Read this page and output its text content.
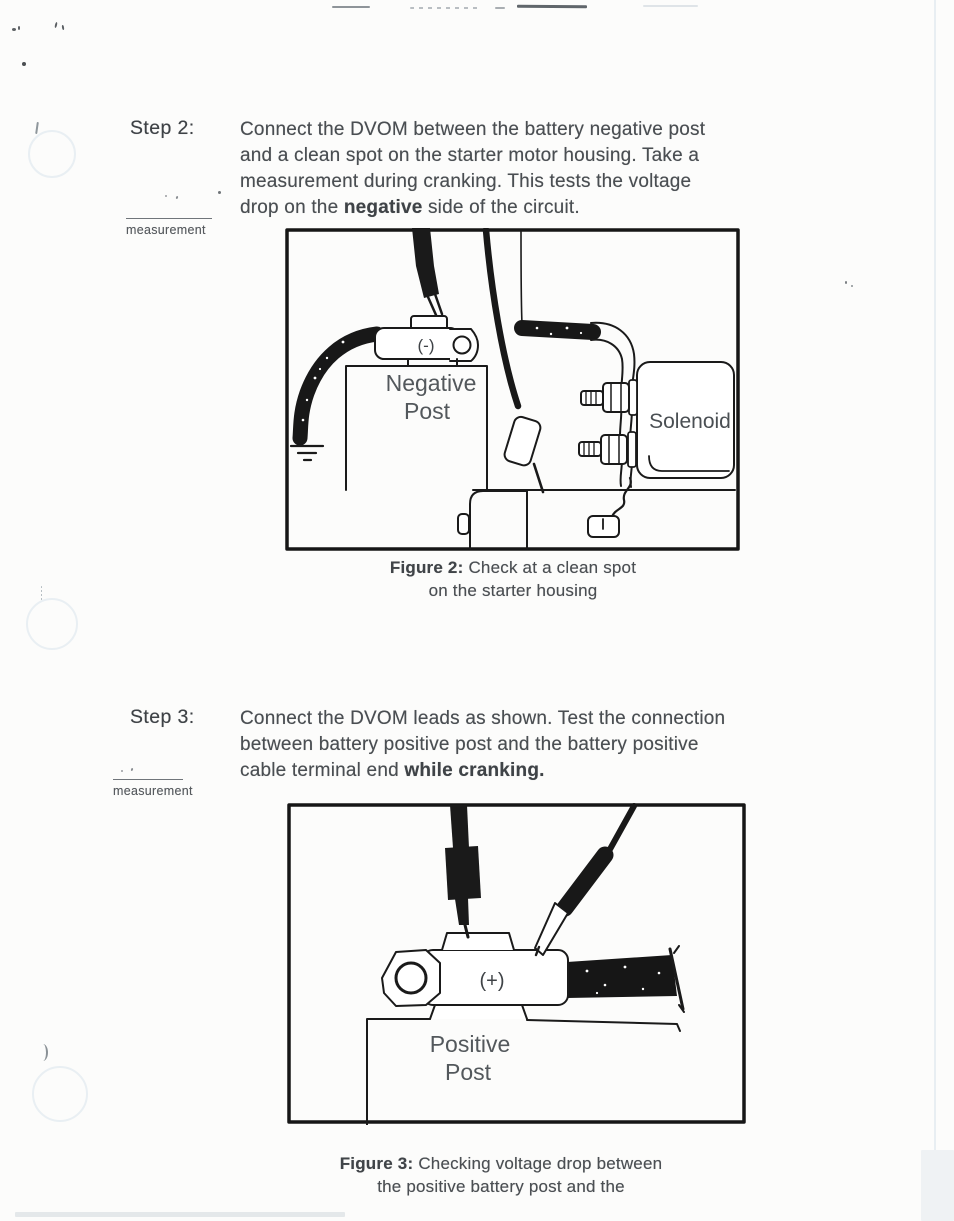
Step 2: Connect the DVOM between the battery negative post
and a clean spot on the starter motor housing. Take a
measurement during cranking. This tests the voltage
drop on the negative side of the circuit.
measurement
(-)
Negative
Post	Solenoid
Figure 2: Check at a clean spot
on the starter housing
Step 3: Connect the DVOM leads as shown. Test the connection
between battery positive post and the battery positive
cable terminal end while cranking.
measurement
(+)
Positive
Post
Figure 3: Checking voltage drop between
the positive battery post and the
